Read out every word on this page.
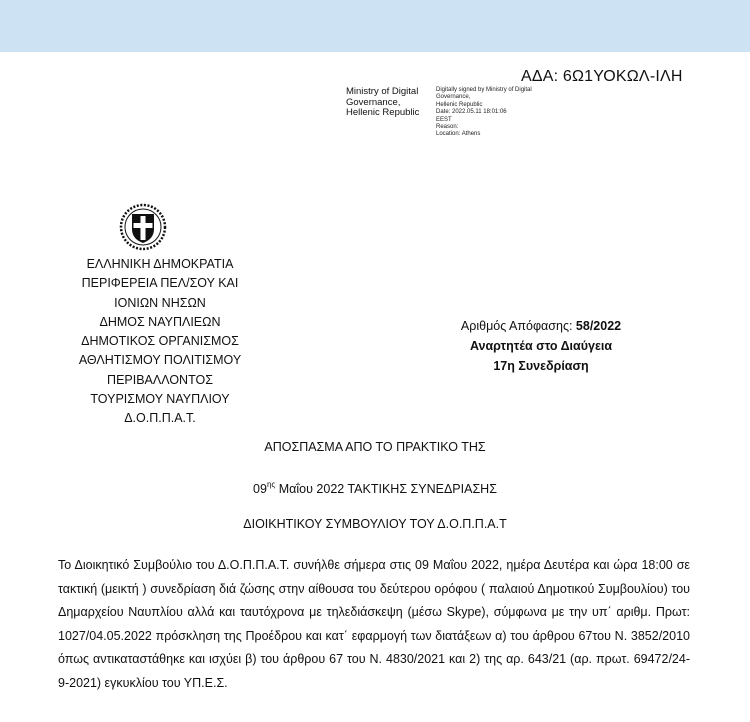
ΑΔΑ: 6Ω1ΥΟΚΩΛ-ΙΛΗ
Ministry of Digital Governance, Hellenic Republic
Digitally signed by Ministry of Digital Governance,
Hellenic Republic
Date: 2022.05.11 18:01:06
EEST
Reason:
Location: Athens
ΕΛΛΗΝΙΚΗ ΔΗΜΟΚΡΑΤΙΑ
ΠΕΡΙΦΕΡΕΙΑ ΠΕΛ/ΣΟΥ ΚΑΙ
ΙΟΝΙΩΝ ΝΗΣΩΝ
ΔΗΜΟΣ ΝΑΥΠΛΙΕΩΝ
ΔΗΜΟΤΙΚΟΣ ΟΡΓΑΝΙΣΜΟΣ
ΑΘΛΗΤΙΣΜΟΥ ΠΟΛΙΤΙΣΜΟΥ
ΠΕΡΙΒΑΛΛΟΝΤΟΣ
ΤΟΥΡΙΣΜΟΥ ΝΑΥΠΛΙΟΥ
Δ.Ο.Π.Π.Α.Τ.
Αριθμός Απόφασης: 58/2022
Αναρτητέα στο Διαύγεια
17η Συνεδρίαση
ΑΠΟΣΠΑΣΜΑ ΑΠΟ ΤΟ ΠΡΑΚΤΙΚΟ ΤΗΣ
$09^{\eta\varsigma}$ Μαΐου 2022 ΤΑΚΤΙΚΗΣ ΣΥΝΕΔΡΙΑΣΗΣ
ΔΙΟΙΚΗΤΙΚΟΥ ΣΥΜΒΟΥΛΙΟΥ ΤΟΥ Δ.Ο.Π.Π.Α.Τ
Το Διοικητικό Συμβούλιο του Δ.Ο.Π.Π.Α.Τ. συνήλθε σήμερα στις 09 Μαΐου 2022, ημέρα Δευτέρα και ώρα 18:00 σε τακτική (μεικτή ) συνεδρίαση διά ζώσης στην αίθουσα του δεύτερου ορόφου ( παλαιού Δημοτικού Συμβουλίου) του Δημαρχείου Ναυπλίου αλλά και ταυτόχρονα με τηλεδιάσκεψη (μέσω Skype), σύμφωνα με την υπ΄ αριθμ. Πρωτ: 1027/04.05.2022 πρόσκληση της Προέδρου και κατ΄ εφαρμογή των διατάξεων α) του άρθρου 67του Ν. 3852/2010 όπως αντικαταστάθηκε και ισχύει β) του άρθρου 67 του Ν. 4830/2021 και 2) της αρ. 643/21 (αρ. πρωτ. 69472/24-9-2021) εγκυκλίου του ΥΠ.Ε.Σ.
